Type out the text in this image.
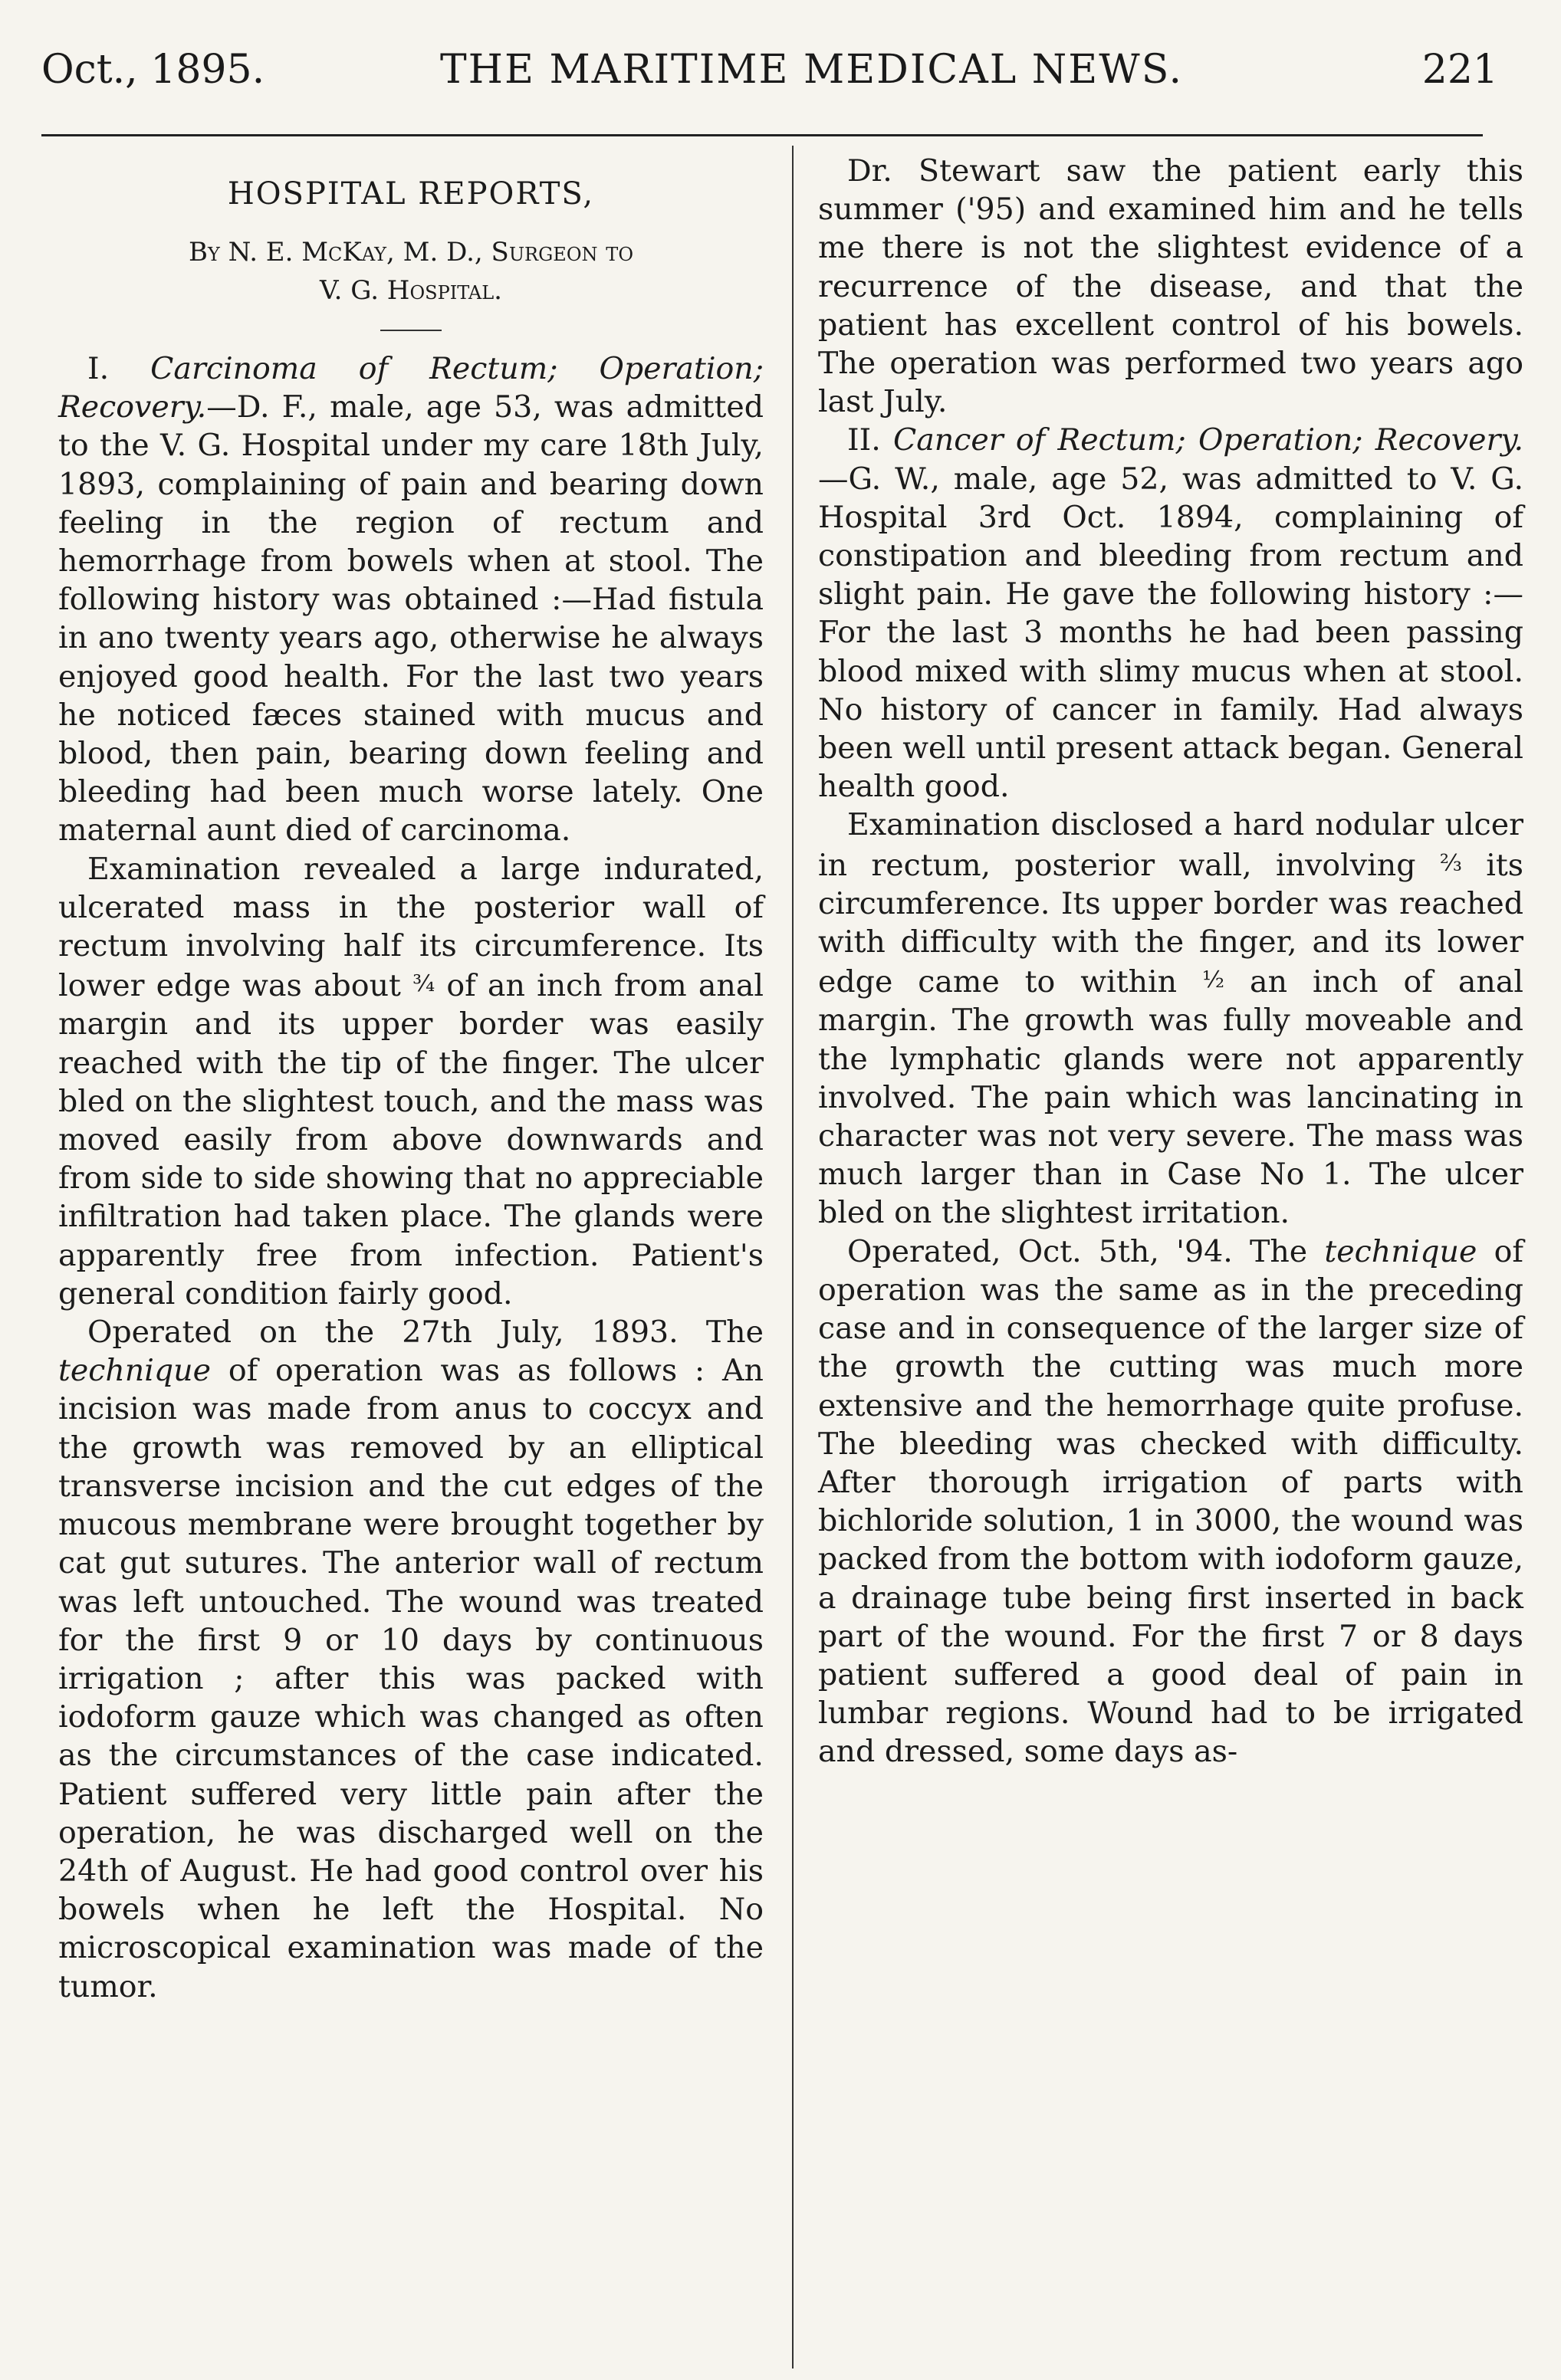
Oct., 1895.	THE MARITIME MEDICAL NEWS.	221
HOSPITAL REPORTS,
By N. E. McKay, M. D., Surgeon to
V. G. Hospital.

I. Carcinoma of Rectum; Operation; Recovery.—D. F., male, age 53, was admitted to the V. G. Hospital under my care 18th July, 1893, complaining of pain and bearing down feeling in the region of rectum and hemorrhage from bowels when at stool. The following history was obtained :—Had fistula in ano twenty years ago, otherwise he always enjoyed good health. For the last two years he noticed fæces stained with mucus and blood, then pain, bearing down feeling and bleeding had been much worse lately. One maternal aunt died of carcinoma.

Examination revealed a large indurated, ulcerated mass in the posterior wall of rectum involving half its circumference. Its lower edge was about ¾ of an inch from anal margin and its upper border was easily reached with the tip of the finger. The ulcer bled on the slightest touch, and the mass was moved easily from above downwards and from side to side showing that no appreciable infiltration had taken place. The glands were apparently free from infection. Patient's general condition fairly good.

Operated on the 27th July, 1893. The technique of operation was as follows : An incision was made from anus to coccyx and the growth was removed by an elliptical transverse incision and the cut edges of the mucous membrane were brought together by cat gut sutures. The anterior wall of rectum was left untouched. The wound was treated for the first 9 or 10 days by continuous irrigation ; after this was packed with iodoform gauze which was changed as often as the circumstances of the case indicated. Patient suffered very little pain after the operation, he was discharged well on the 24th of August. He had good control over his bowels when he left the Hospital. No microscopical examination was made of the tumor.

Dr. Stewart saw the patient early this summer ('95) and examined him and he tells me there is not the slightest evidence of a recurrence of the disease, and that the patient has excellent control of his bowels. The operation was performed two years ago last July.

II. Cancer of Rectum; Operation; Recovery.—G. W., male, age 52, was admitted to V. G. Hospital 3rd Oct. 1894, complaining of constipation and bleeding from rectum and slight pain. He gave the following history :—For the last 3 months he had been passing blood mixed with slimy mucus when at stool. No history of cancer in family. Had always been well until present attack began. General health good.

Examination disclosed a hard nodular ulcer in rectum, posterior wall, involving ⅔ its circumference. Its upper border was reached with difficulty with the finger, and its lower edge came to within ½ an inch of anal margin. The growth was fully moveable and the lymphatic glands were not apparently involved. The pain which was lancinating in character was not very severe. The mass was much larger than in Case No 1. The ulcer bled on the slightest irritation.

Operated, Oct. 5th, '94. The technique of operation was the same as in the preceding case and in consequence of the larger size of the growth the cutting was much more extensive and the hemorrhage quite profuse. The bleeding was checked with difficulty. After thorough irrigation of parts with bichloride solution, 1 in 3000, the wound was packed from the bottom with iodoform gauze, a drainage tube being first inserted in back part of the wound. For the first 7 or 8 days patient suffered a good deal of pain in lumbar regions. Wound had to be irrigated and dressed, some days as-
